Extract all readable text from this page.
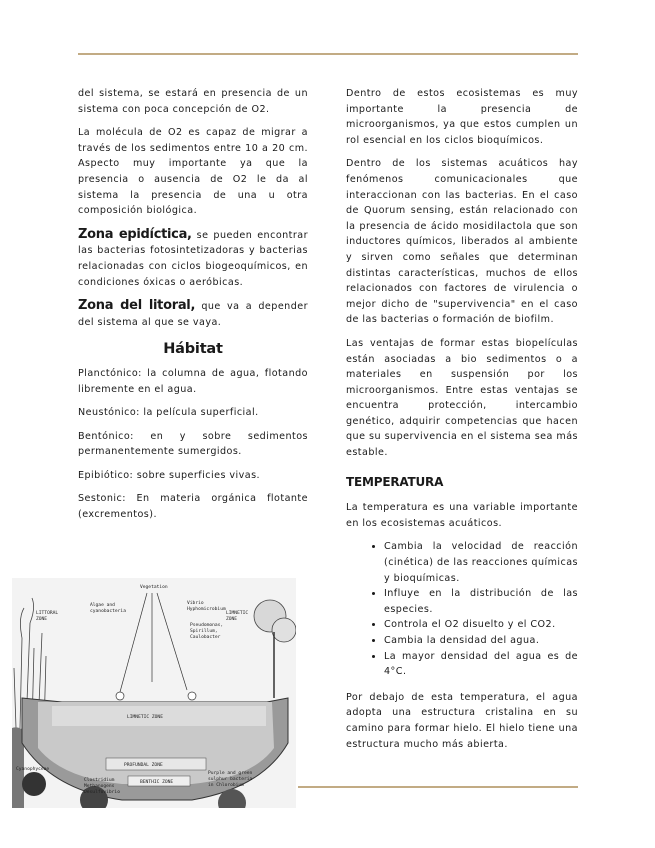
del sistema, se estará en presencia de un sistema con poca concepción de O2.

La molécula de O2 es capaz de migrar a través de los sedimentos entre 10 a 20 cm. Aspecto muy importante ya que la presencia o ausencia de O2 le da al sistema la presencia de una u otra composición biológica.

Zona epidíctica, se pueden encontrar las bacterias fotosintetizadoras y bacterias relacionadas con ciclos biogeoquímicos, en condiciones óxicas o aeróbicas.

Zona del litoral, que va a depender del sistema al que se vaya.

Hábitat

Planctónico: la columna de agua, flotando libremente en el agua.

Neustónico: la película superficial.

Bentónico: en y sobre sedimentos permanentemente sumergidos.

Epibiótico: sobre superficies vivas.

Sestonic: En materia orgánica flotante (excrementos).

LITTORAL
ZONE
Vegetation
Algae and
cyanobacteria
Vibrio
Hyphomicrobium
Pseudomonas,
Spirillum,
Caulobacter
LIMNETIC
ZONE
LIMNETIC ZONE
PROFUNDAL ZONE
BENTHIC ZONE
Cyanophyceae
Clostridium
Methanogens
Desulfovibrio
Purple and green
sulphur bacteria
in Chlorobium

Dentro de estos ecosistemas es muy importante la presencia de microorganismos, ya que estos cumplen un rol esencial en los ciclos bioquímicos.

Dentro de los sistemas acuáticos hay fenómenos comunicacionales que interaccionan con las bacterias. En el caso de Quorum sensing, están relacionado con la presencia de ácido mosidilactola que son inductores químicos, liberados al ambiente y sirven como señales que determinan distintas características, muchos de ellos relacionados con factores de virulencia o mejor dicho de "supervivencia" en el caso de las bacterias o formación de biofilm.

Las ventajas de formar estas biopelículas están asociadas a bio sedimentos o a materiales en suspensión por los microorganismos. Entre estas ventajas se encuentra protección, intercambio genético, adquirir competencias que hacen que su supervivencia en el sistema sea más estable.

TEMPERATURA

La temperatura es una variable importante en los ecosistemas acuáticos.

• Cambia la velocidad de reacción (cinética) de las reacciones químicas y bioquímicas.
• Influye en la distribución de las especies.
• Controla el O2 disuelto y el CO2.
• Cambia la densidad del agua.
• La mayor densidad del agua es de 4°C.

Por debajo de esta temperatura, el agua adopta una estructura cristalina en su camino para formar hielo. El hielo tiene una estructura mucho más abierta.
